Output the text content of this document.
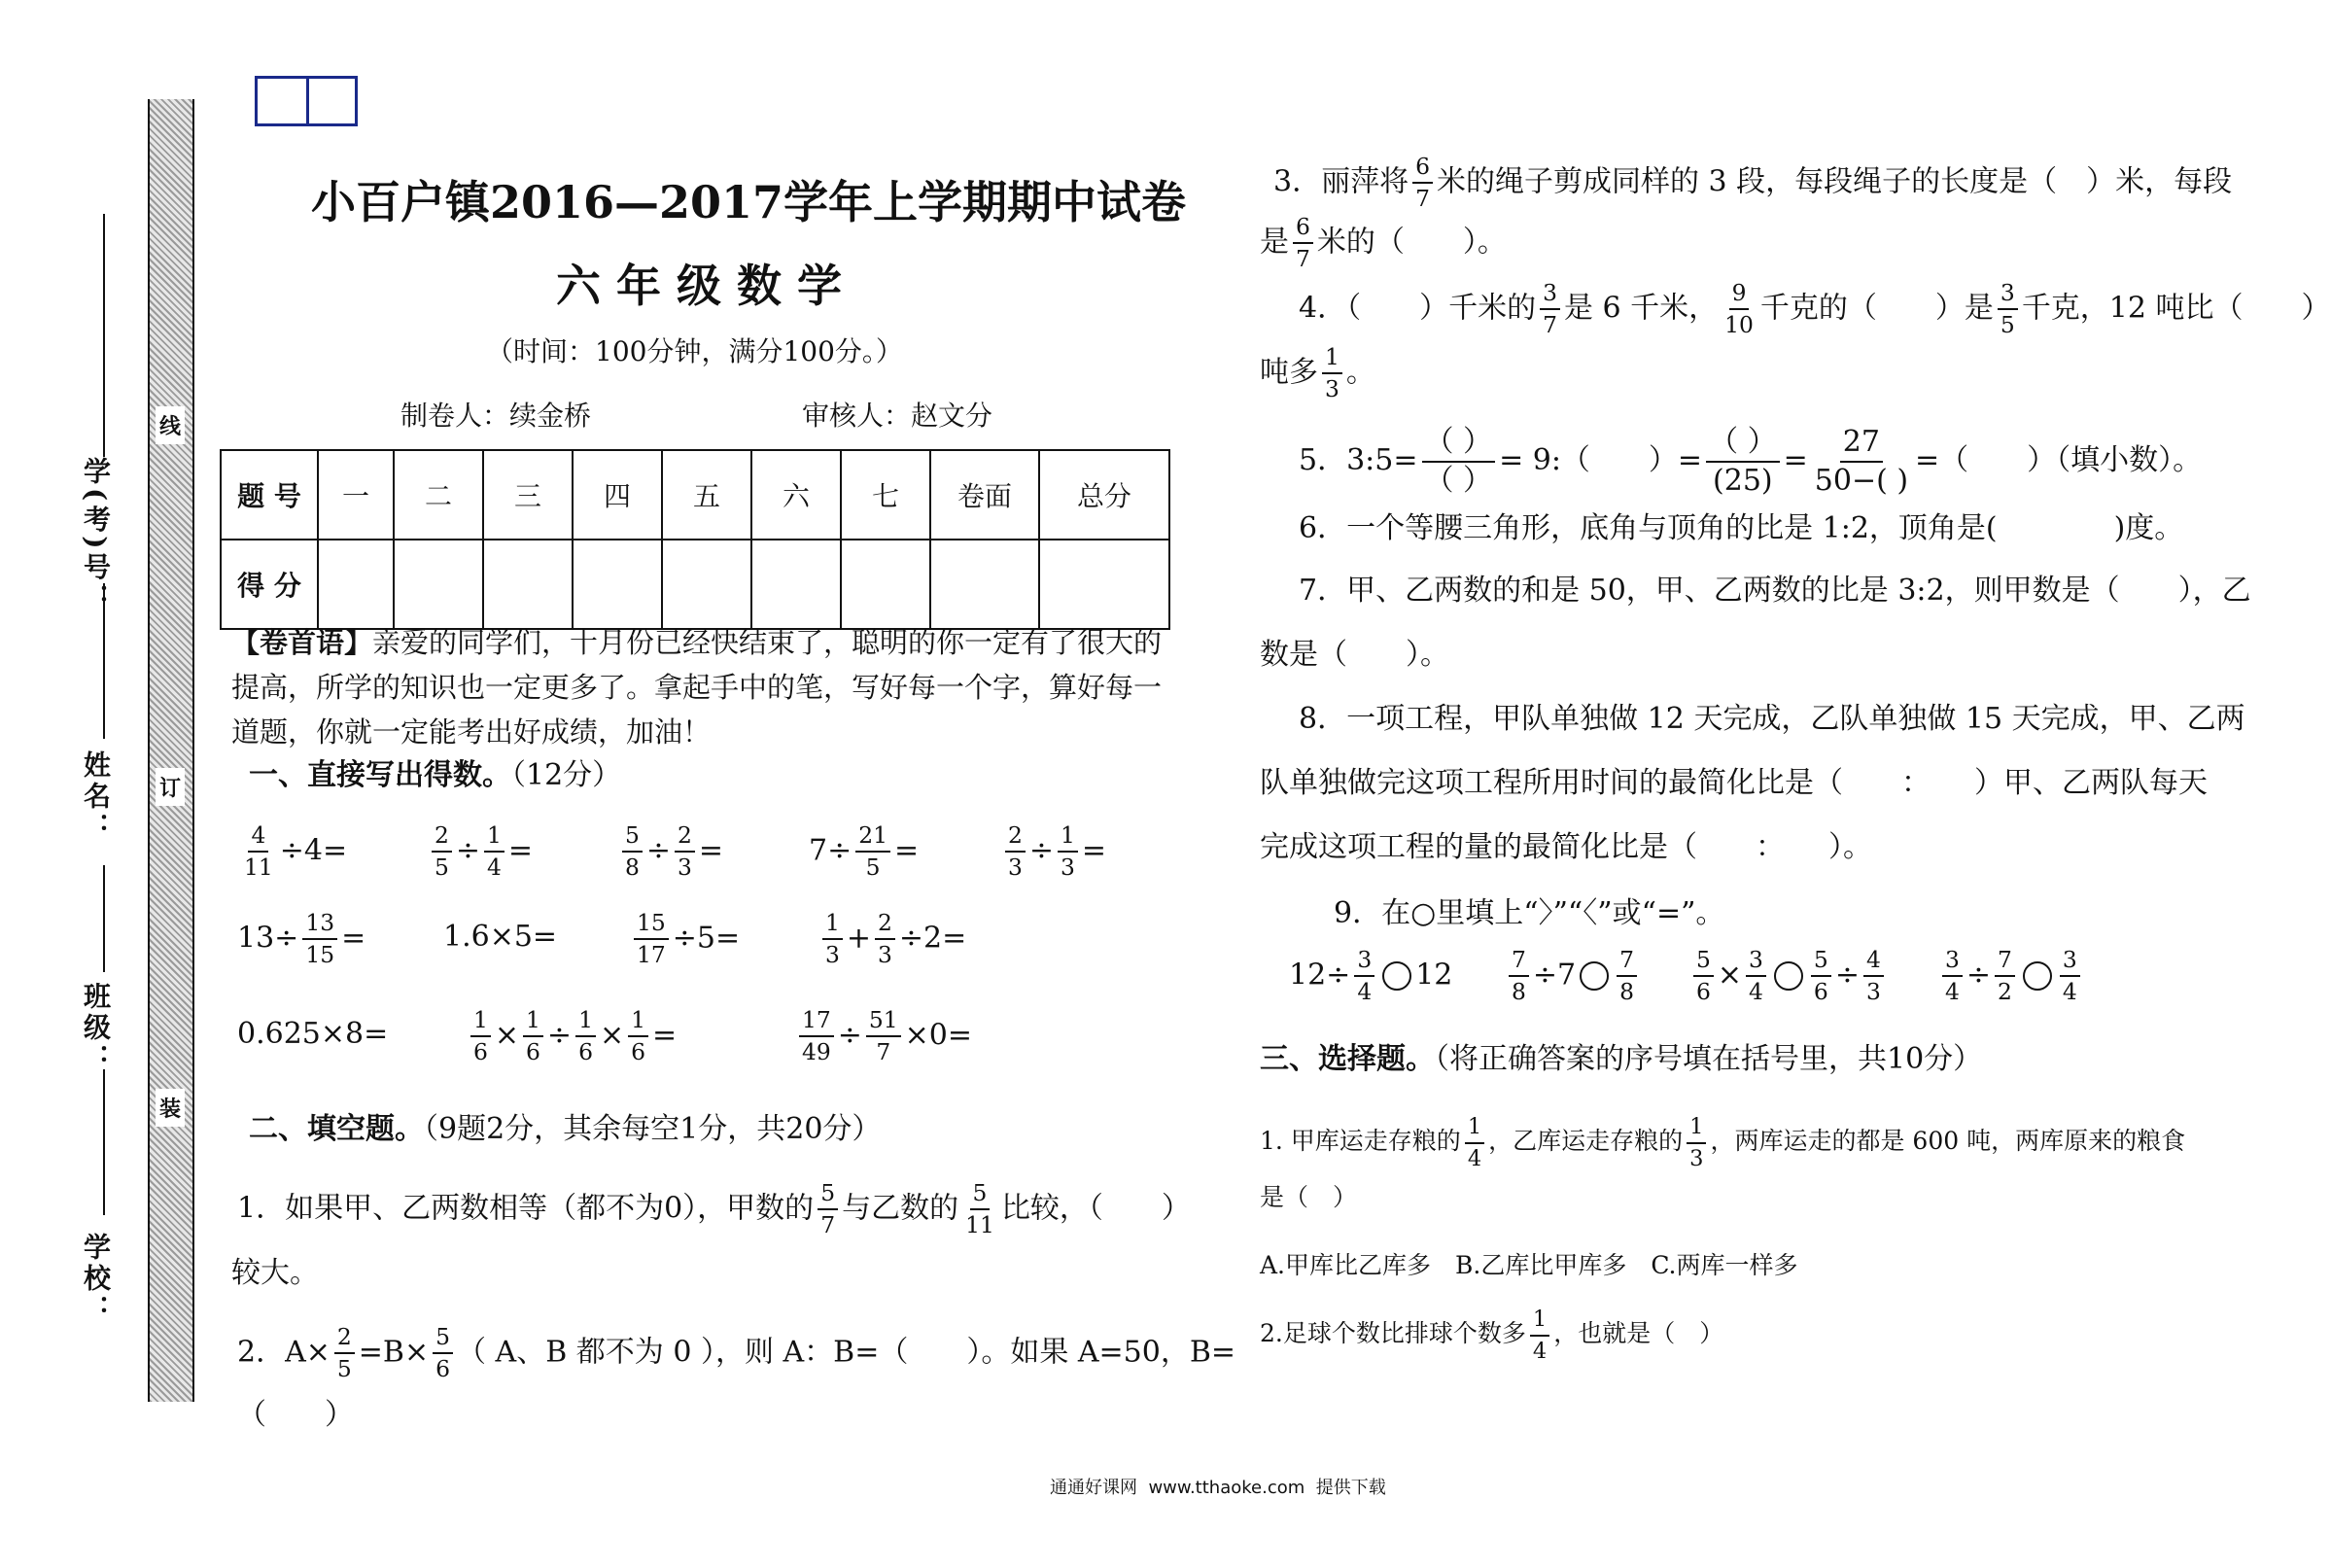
线
订
装
学(考)号：
姓名：
班级：
学校：
小百户镇2016—2017学年上学期期中试卷
六 年 级 数 学
（时间：100分钟，满分100分。）
制卷人：续金桥	审核人：赵文分
题 号	一	二	三	四	五	六	七	卷面	总分
得 分									
【卷首语】亲爱的同学们，十月份已经快结束了，聪明的你一定有了很大的提高，所学的知识也一定更多了。拿起手中的笔，写好每一个字，算好每一道题，你就一定能考出好成绩，加油！
一、直接写出得数。（12分）
$\frac{4}{11} \div 4=$	$\frac{2}{5} \div \frac{1}{4}$ =	$\frac{5}{8} \div \frac{2}{3}$ =	$7\div \frac{21}{5}$ =	$\frac{2}{3} \div \frac{1}{3}$ =
$13\div \frac{13}{15}$ =	1.6×5=	$\frac{15}{17} \div 5=$	$\frac{1}{3} + \frac{2}{3} \div 2=$
0.625×8=	$\frac{1}{6} \times \frac{1}{6} \div \frac{1}{6} \times \frac{1}{6}$ =	$\frac{17}{49} \div \frac{51}{7} \times 0=$
二、填空题。（9题2分，其余每空1分，共20分）
1．如果甲、乙两数相等（都不为0），甲数的 $\frac{5}{7}$ 与乙数的 $\frac{5}{11}$ 比较，（　　）
较大。
2．$A\times \frac{2}{5} =B\times \frac{5}{6}$ （ A、B 都不为 0 ），则 A：B=（　　）。如果 A=50，B=
（　　）
3．丽萍将 $\frac{6}{7}$ 米的绳子剪成同样的 3 段，每段绳子的长度是（　）米，每段
是 $\frac{6}{7}$ 米的（　　）。
4．（　　）千米的 $\frac{3}{7}$ 是 6 千米， $\frac{9}{10}$ 千克的（　　）是 $\frac{3}{5}$ 千克，12 吨比（　　）
吨多 $\frac{1}{3}$ 。
5．3:5= $\frac{( )}{( )}$ = 9:（　　）= $\frac{( )}{(25)} = \frac{27}{50-( )}$ =（　　）（填小数）。
6．一个等腰三角形，底角与顶角的比是 1:2，顶角是(　　　　)度。
7．甲、乙两数的和是 50，甲、乙两数的比是 3:2，则甲数是（　　），乙
数是（　　）。
8．一项工程，甲队单独做 12 天完成，乙队单独做 15 天完成，甲、乙两
队单独做完这项工程所用时间的最简化比是（　　：　　）甲、乙两队每天
完成这项工程的量的最简化比是（　　：　　）。
9．在○里填上“〉”“〈”或“=”。
$12\div \frac{3}{4} 12 \frac{7}{8} \div 7 \frac{7}{8} \frac{5}{6} \times \frac{3}{4} \frac{5}{6} \div \frac{4}{3}$	$\frac{3}{4} \div \frac{7}{2} \frac{3}{4}$
三、选择题。（将正确答案的序号填在括号里，共10分）
1. 甲库运走存粮的 $\frac{1}{4}$ ，乙库运走存粮的 $\frac{1}{3}$ ，两库运走的都是 600 吨，两库原来的粮食
是（　）
A.甲库比乙库多　B.乙库比甲库多　C.两库一样多
2.足球个数比排球个数多 $\frac{1}{4}$ ，也就是（　）
通通好课网  www.tthaoke.com  提供下载
